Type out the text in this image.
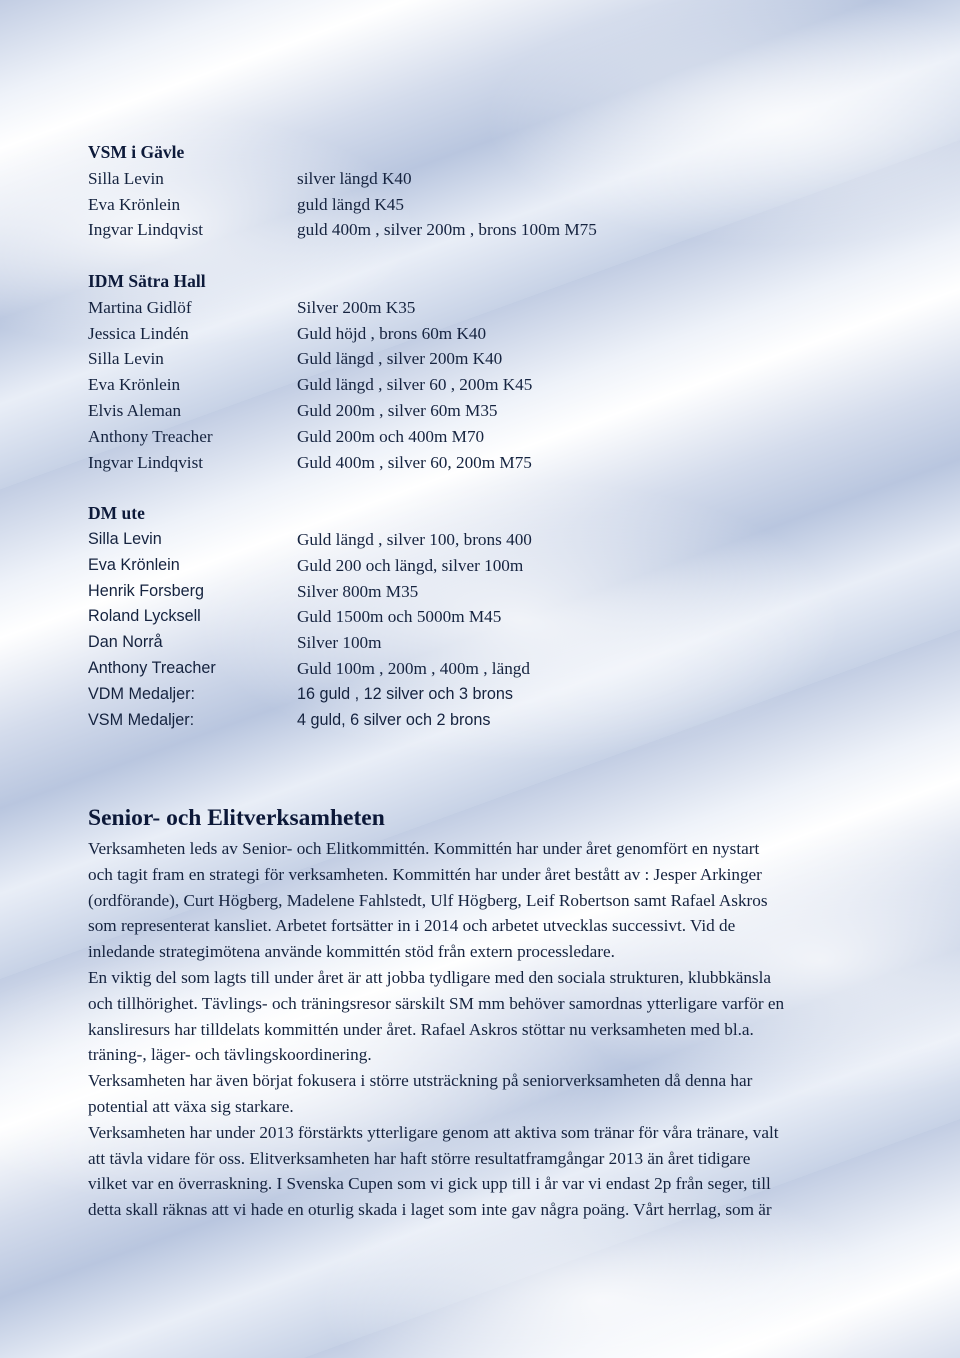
VSM i Gävle
Silla Levin	silver längd K40
Eva Krönlein	guld längd K45
Ingvar Lindqvist	guld 400m , silver 200m , brons 100m M75
IDM Sätra Hall
Martina Gidlöf	Silver 200m K35
Jessica Lindén	Guld höjd , brons 60m K40
Silla Levin	Guld längd , silver 200m K40
Eva Krönlein	Guld längd , silver 60 , 200m K45
Elvis Aleman	Guld 200m , silver 60m M35
Anthony Treacher	Guld 200m och 400m M70
Ingvar Lindqvist	Guld 400m , silver 60, 200m M75
DM ute
Silla Levin	Guld längd , silver 100, brons 400
Eva Krönlein	Guld 200 och längd, silver 100m
Henrik Forsberg	Silver 800m M35
Roland Lycksell	Guld 1500m och 5000m M45
Dan Norrå	Silver 100m
Anthony Treacher	Guld 100m , 200m , 400m , längd
VDM Medaljer:	16 guld , 12 silver och 3 brons
VSM Medaljer:	4 guld, 6 silver och 2 brons
Senior- och Elitverksamheten
Verksamheten leds av Senior- och Elitkommittén. Kommittén har under året genomfört en nystart
och tagit fram en strategi för verksamheten. Kommittén har under året bestått av : Jesper Arkinger
(ordförande), Curt Högberg, Madelene Fahlstedt, Ulf Högberg, Leif Robertson samt Rafael Askros
som representerat kansliet. Arbetet fortsätter in i 2014 och arbetet utvecklas successivt. Vid de
inledande strategimötena använde kommittén stöd från extern processledare.
En viktig del som lagts till under året är att jobba tydligare med den sociala strukturen, klubbkänsla
och tillhörighet. Tävlings- och träningsresor särskilt SM mm behöver samordnas ytterligare varför en
kansliresurs har tilldelats kommittén under året. Rafael Askros stöttar nu verksamheten med bl.a.
träning-, läger- och tävlingskoordinering.
Verksamheten har även börjat fokusera i större utsträckning på seniorverksamheten då denna har
potential att växa sig starkare.
Verksamheten har under 2013 förstärkts ytterligare genom att aktiva som tränar för våra tränare, valt
att tävla vidare för oss. Elitverksamheten har haft större resultatframgångar 2013 än året tidigare
vilket var en överraskning. I Svenska Cupen som vi gick upp till i år var vi endast 2p från seger, till
detta skall räknas att vi hade en oturlig skada i laget som inte gav några poäng. Vårt herrlag, som är
